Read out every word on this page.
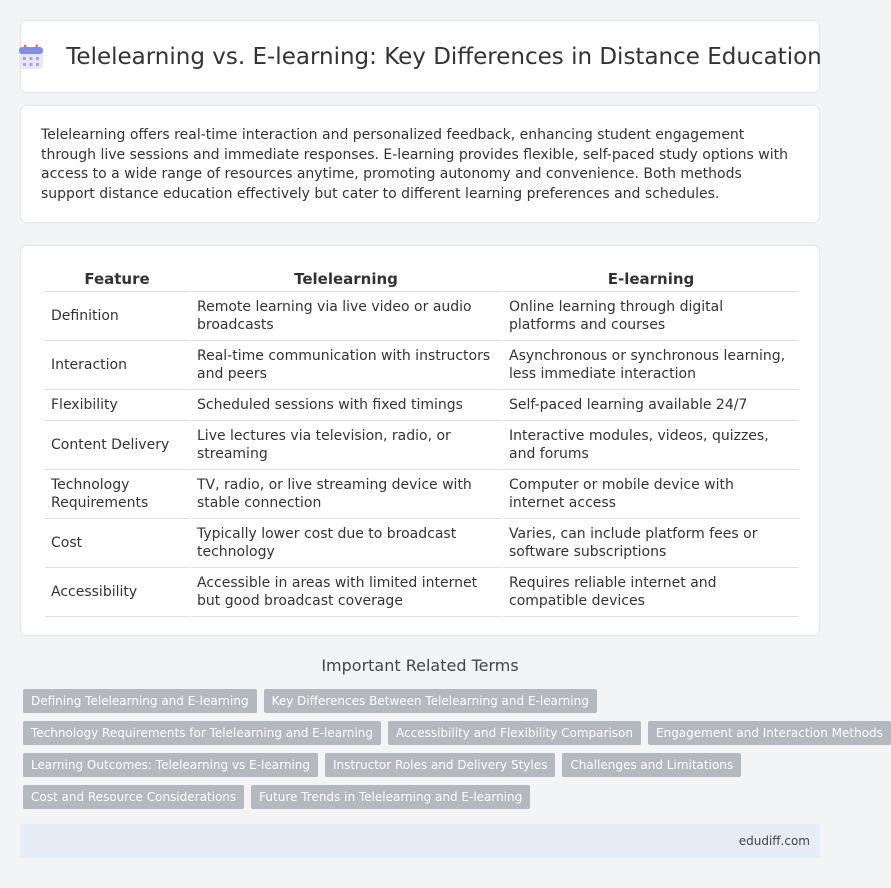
Telelearning vs. E-learning: Key Differences in Distance Education

Telelearning offers real-time interaction and personalized feedback, enhancing student engagement through live sessions and immediate responses. E-learning provides flexible, self-paced study options with access to a wide range of resources anytime, promoting autonomy and convenience. Both methods support distance education effectively but cater to different learning preferences and schedules.

Feature	Telelearning	E-learning
Definition	Remote learning via live video or audio broadcasts	Online learning through digital platforms and courses
Interaction	Real-time communication with instructors and peers	Asynchronous or synchronous learning, less immediate interaction
Flexibility	Scheduled sessions with fixed timings	Self-paced learning available 24/7
Content Delivery	Live lectures via television, radio, or streaming	Interactive modules, videos, quizzes, and forums
Technology Requirements	TV, radio, or live streaming device with stable connection	Computer or mobile device with internet access
Cost	Typically lower cost due to broadcast technology	Varies, can include platform fees or software subscriptions
Accessibility	Accessible in areas with limited internet but good broadcast coverage	Requires reliable internet and compatible devices
Important Related Terms
Defining Telelearning and E-learning	Key Differences Between Telelearning and E-learning
Technology Requirements for Telelearning and E-learning	Accessibility and Flexibility Comparison	Engagement and Interaction Methods
Learning Outcomes: Telelearning vs E-learning	Instructor Roles and Delivery Styles	Challenges and Limitations
Cost and Resource Considerations	Future Trends in Telelearning and E-learning
edudiff.com
